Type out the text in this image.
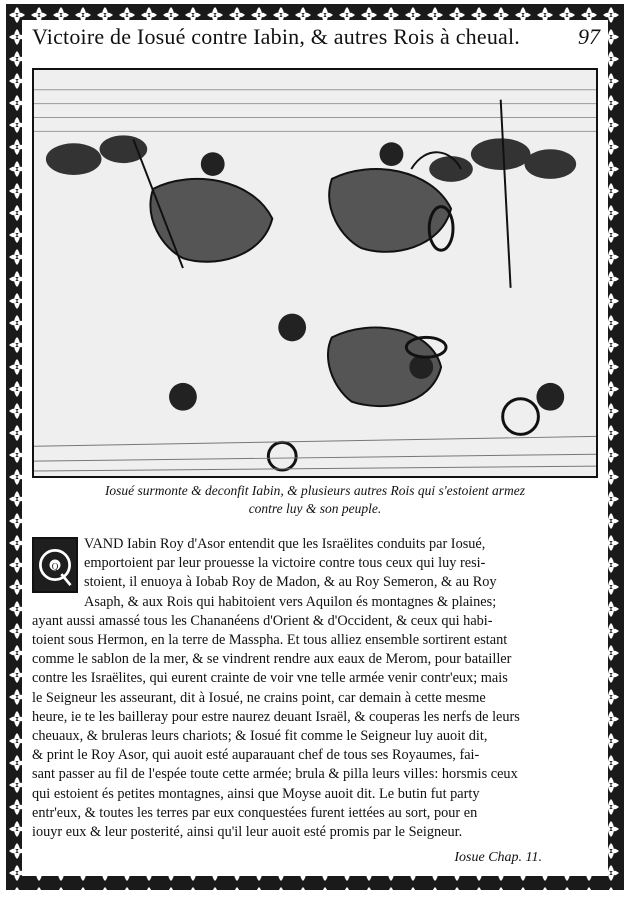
Victoire de Iosué contre Iabin, & autres Rois à cheual.	97
Iosué surmonte & deconfit Iabin, & plusieurs autres Rois qui s'estoient armez
contre luy & son peuple.
Q
VAND Iabin Roy d'Asor entendit que les Israëlites conduits par Iosué,
emportoient par leur prouesse la victoire contre tous ceux qui luy resi-
stoient, il enuoya à Iobab Roy de Madon, & au Roy Semeron, & au Roy
Asaph, & aux Rois qui habitoient vers Aquilon és montagnes & plaines;
ayant aussi amassé tous les Chananéens d'Orient & d'Occident, & ceux qui habi-
toient sous Hermon, en la terre de Masspha. Et tous alliez ensemble sortirent estant
comme le sablon de la mer, & se vindrent rendre aux eaux de Merom, pour batailler
contre les Israëlites, qui eurent crainte de voir vne telle armée venir contr'eux; mais
le Seigneur les asseurant, dit à Iosué, ne crains point, car demain à cette mesme
heure, ie te les bailleray pour estre naurez deuant Israël, & couperas les nerfs de leurs
cheuaux, & bruleras leurs chariots; & Iosué fit comme le Seigneur luy auoit dit,
& print le Roy Asor, qui auoit esté auparauant chef de tous ses Royaumes, fai-
sant passer au fil de l'espée toute cette armée; brula & pilla leurs villes: horsmis ceux
qui estoient és petites montagnes, ainsi que Moyse auoit dit. Le butin fut party
entr'eux, & toutes les terres par eux conquestées furent iettées au sort, pour en
iouyr eux & leur posterité, ainsi qu'il leur auoit esté promis par le Seigneur.
Iosue Chap. 11.
